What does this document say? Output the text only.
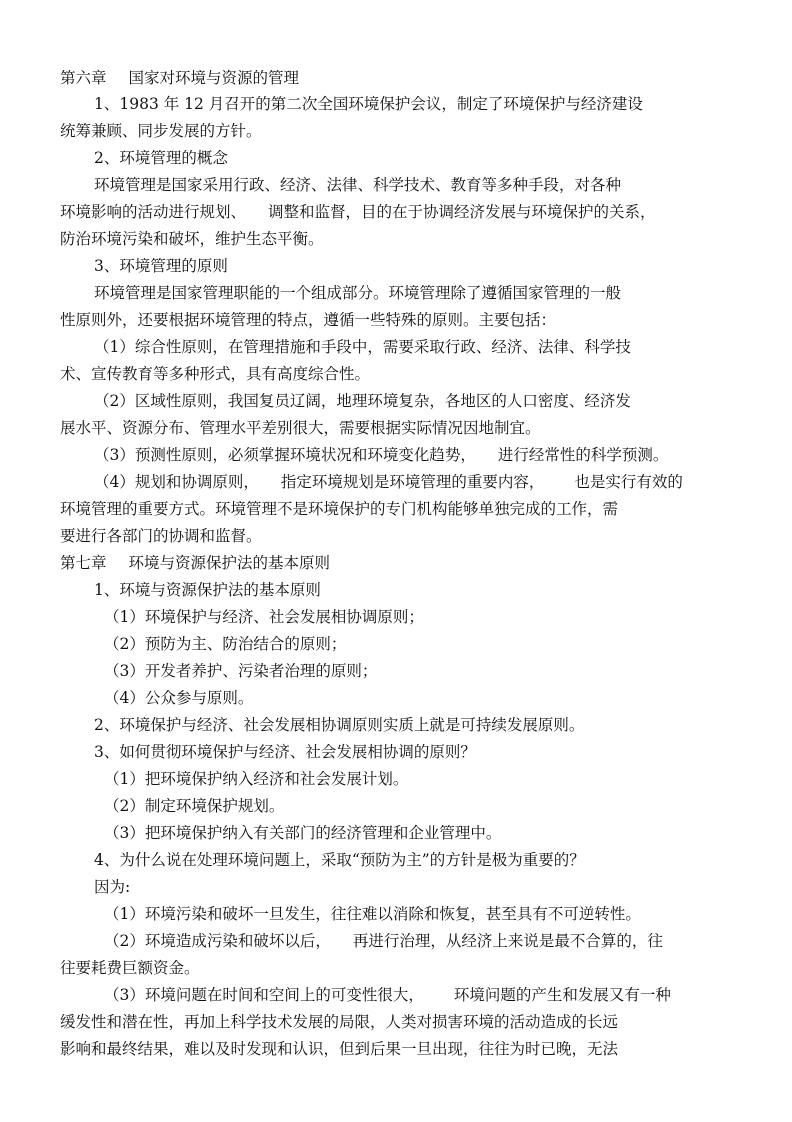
第六章 国家对环境与资源的管理
1、1983 年 12 月召开的第二次全国环境保护会议，制定了环境保护与经济建设
统筹兼顾、同步发展的方针。
2、环境管理的概念
环境管理是国家采用行政、经济、法律、科学技术、教育等多种手段，对各种
环境影响的活动进行规划、 调整和监督，目的在于协调经济发展与环境保护的关系，
防治环境污染和破坏，维护生态平衡。
3、环境管理的原则
环境管理是国家管理职能的一个组成部分。环境管理除了遵循国家管理的一般
性原则外，还要根据环境管理的特点，遵循一些特殊的原则。主要包括：
（1）综合性原则，在管理措施和手段中，需要采取行政、经济、法律、科学技
术、宣传教育等多种形式，具有高度综合性。
（2）区域性原则，我国复员辽阔，地理环境复杂，各地区的人口密度、经济发
展水平、资源分布、管理水平差别很大，需要根据实际情况因地制宜。
（3）预测性原则，必须掌握环境状况和环境变化趋势， 进行经常性的科学预测。
（4）规划和协调原则， 指定环境规划是环境管理的重要内容， 也是实行有效的
环境管理的重要方式。环境管理不是环境保护的专门机构能够单独完成的工作，需
要进行各部门的协调和监督。
第七章 环境与资源保护法的基本原则
1、环境与资源保护法的基本原则
（1）环境保护与经济、社会发展相协调原则；
（2）预防为主、防治结合的原则；
（3）开发者养护、污染者治理的原则；
（4）公众参与原则。
2、环境保护与经济、社会发展相协调原则实质上就是可持续发展原则。
3、如何贯彻环境保护与经济、社会发展相协调的原则？
（1）把环境保护纳入经济和社会发展计划。
（2）制定环境保护规划。
（3）把环境保护纳入有关部门的经济管理和企业管理中。
4、为什么说在处理环境问题上，采取“预防为主”的方针是极为重要的？
因为:
（1）环境污染和破坏一旦发生，往往难以消除和恢复，甚至具有不可逆转性。
（2）环境造成污染和破坏以后， 再进行治理，从经济上来说是最不合算的，往
往要耗费巨额资金。
（3）环境问题在时间和空间上的可变性很大， 环境问题的产生和发展又有一种
缓发性和潜在性，再加上科学技术发展的局限，人类对损害环境的活动造成的长远
影响和最终结果，难以及时发现和认识，但到后果一旦出现，往往为时已晚，无法
